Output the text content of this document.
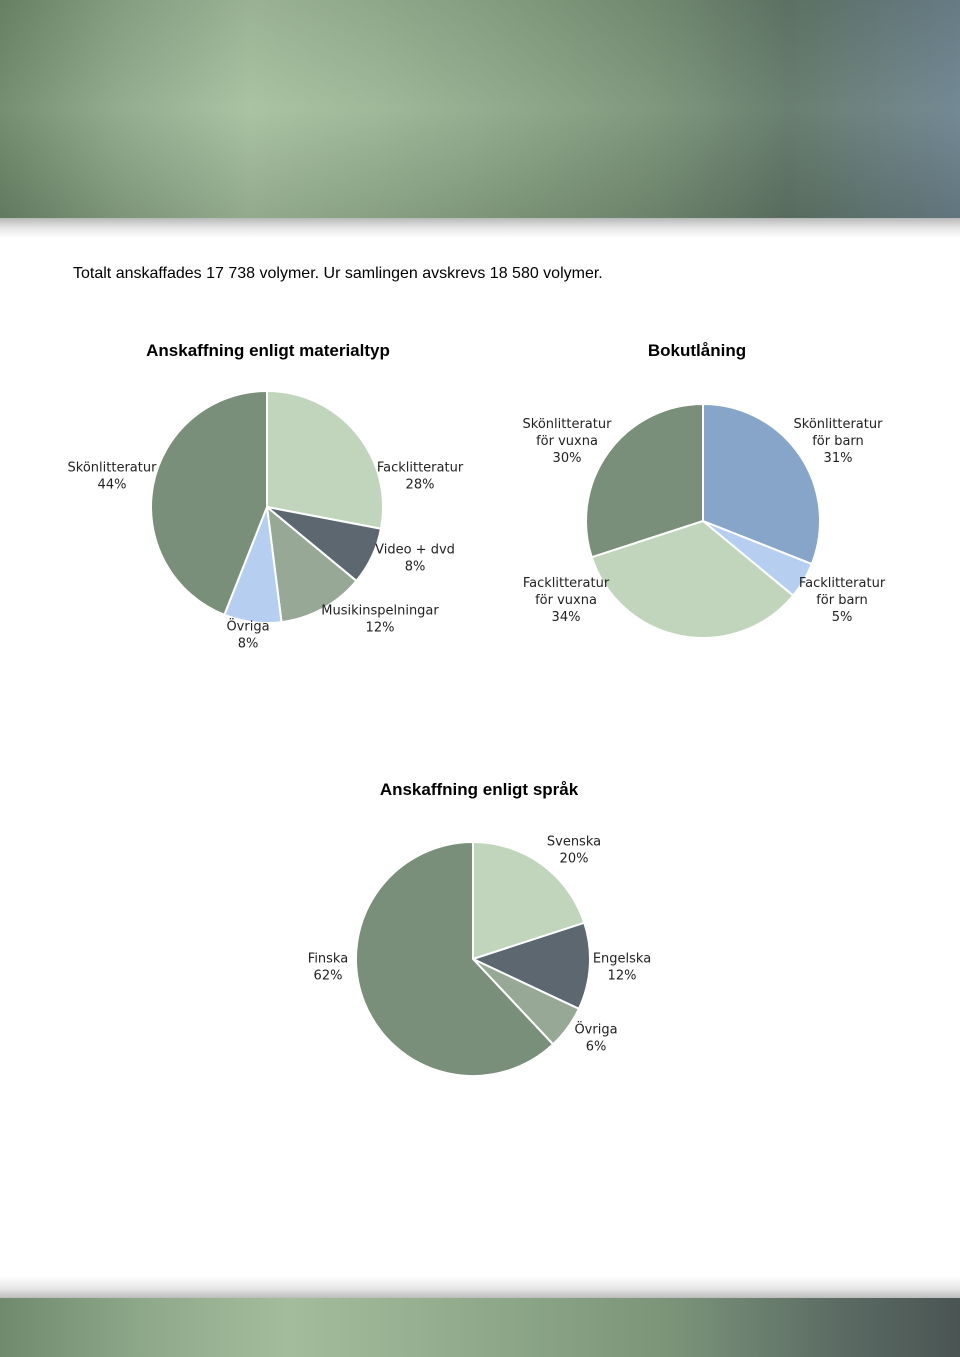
Totalt anskaffades 17 738 volymer. Ur samlingen avskrevs 18 580 volymer.
Anskaffning enligt materialtyp	Bokutlåning
Anskaffning enligt språk
Facklitteratur 28%
Video + dvd 8%
Musikinspelningar 12%
Övriga 8%
Skönlitteratur 44%
Skönlitteratur för barn 31%
Facklitteratur för barn 5%
Facklitteratur för vuxna 34%
Skönlitteratur för vuxna 30%
Svenska 20%
Engelska 12%
Övriga 6%
Finska 62%
